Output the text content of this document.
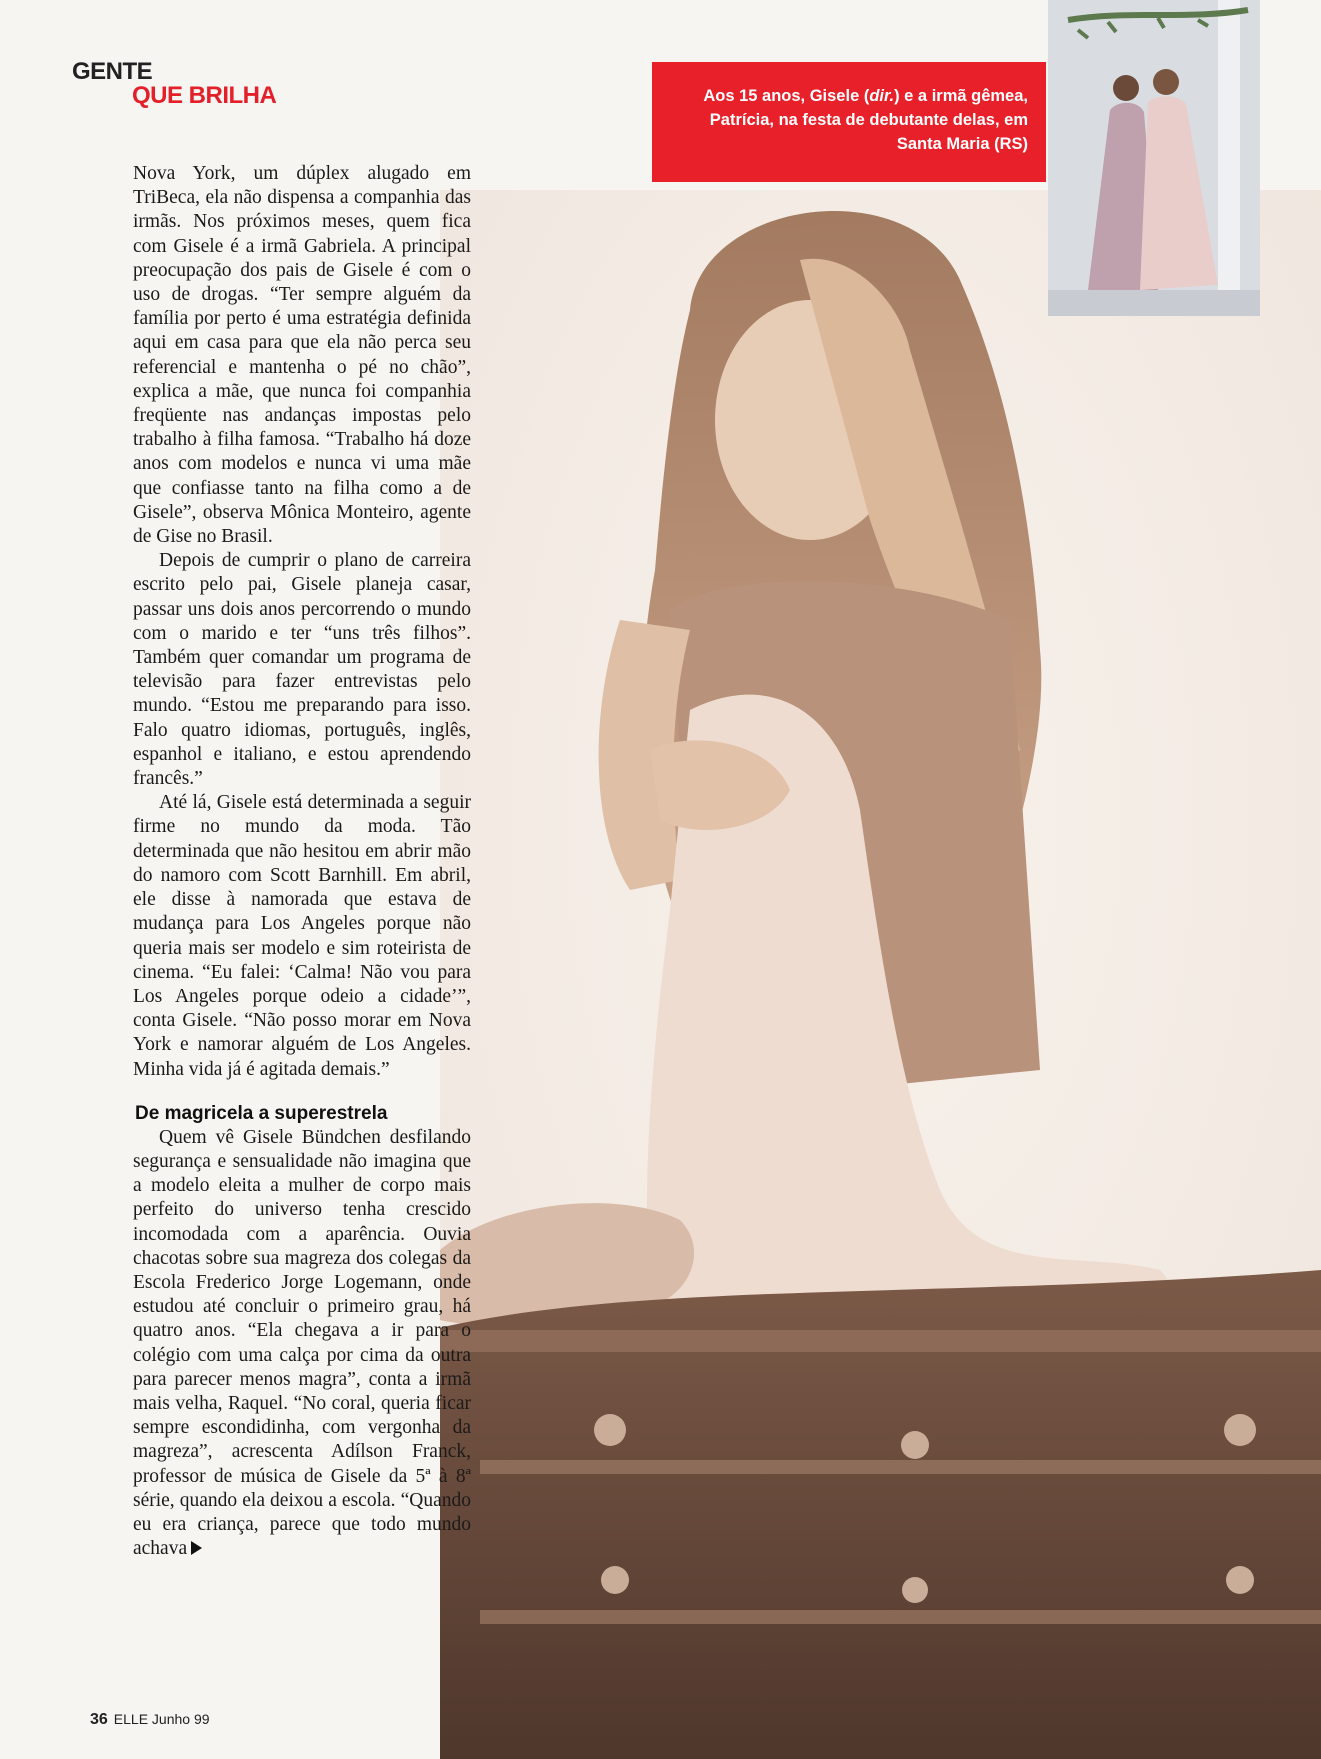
GENTE
QUE BRILHA	Aos 15 anos, Gisele (dir.) e a irmã gêmea, Patrícia, na festa de debutante delas, em Santa Maria (RS)

Nova York, um dúplex alugado em TriBeca, ela não dispensa a companhia das irmãs. Nos próximos meses, quem fica com Gisele é a irmã Gabriela. A principal preocupação dos pais de Gisele é com o uso de drogas. “Ter sempre alguém da família por perto é uma estratégia definida aqui em casa para que ela não perca seu referencial e mantenha o pé no chão”, explica a mãe, que nunca foi companhia freqüente nas andanças impostas pelo trabalho à filha famosa. “Trabalho há doze anos com modelos e nunca vi uma mãe que confiasse tanto na filha como a de Gisele”, observa Mônica Monteiro, agente de Gise no Brasil.

Depois de cumprir o plano de carreira escrito pelo pai, Gisele planeja casar, passar uns dois anos percorrendo o mundo com o marido e ter “uns três filhos”. Também quer comandar um programa de televisão para fazer entrevistas pelo mundo. “Estou me preparando para isso. Falo quatro idiomas, português, inglês, espanhol e italiano, e estou aprendendo francês.”

Até lá, Gisele está determinada a seguir firme no mundo da moda. Tão determinada que não hesitou em abrir mão do namoro com Scott Barnhill. Em abril, ele disse à namorada que estava de mudança para Los Angeles porque não queria mais ser modelo e sim roteirista de cinema. “Eu falei: ‘Calma! Não vou para Los Angeles porque odeio a cidade’”, conta Gisele. “Não posso morar em Nova York e namorar alguém de Los Angeles. Minha vida já é agitada demais.”

De magricela a superestrela

Quem vê Gisele Bündchen desfilando segurança e sensualidade não imagina que a modelo eleita a mulher de corpo mais perfeito do universo tenha crescido incomodada com a aparência. Ouvia chacotas sobre sua magreza dos colegas da Escola Frederico Jorge Logemann, onde estudou até concluir o primeiro grau, há quatro anos. “Ela chegava a ir para o colégio com uma calça por cima da outra para parecer menos magra”, conta a irmã mais velha, Raquel. “No coral, queria ficar sempre escondidinha, com vergonha da magreza”, acrescenta Adílson Franck, professor de música de Gisele da 5ª à 8ª série, quando ela deixou a escola. “Quando eu era criança, parece que todo mundo achava

36 ELLE Junho 99
